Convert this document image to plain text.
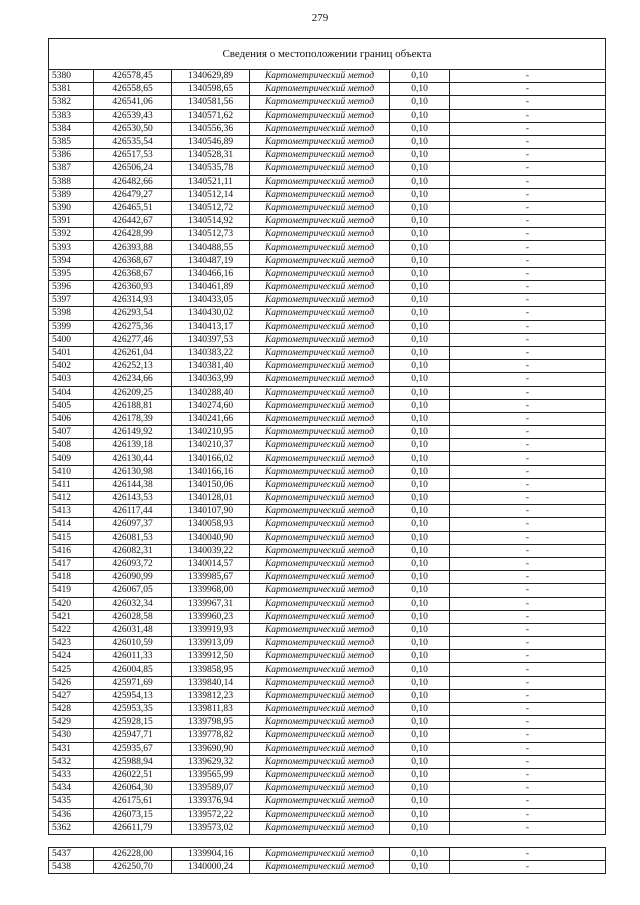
279
Сведения о местоположении границ объекта					
5380	426578,45	1340629,89	Картометрический метод	0,10	-
5381	426558,65	1340598,65	Картометрический метод	0,10	-
5382	426541,06	1340581,56	Картометрический метод	0,10	-
5383	426539,43	1340571,62	Картометрический метод	0,10	-
5384	426530,50	1340556,36	Картометрический метод	0,10	-
5385	426535,54	1340546,89	Картометрический метод	0,10	-
5386	426517,53	1340528,31	Картометрический метод	0,10	-
5387	426506,24	1340535,78	Картометрический метод	0,10	-
5388	426482,66	1340521,11	Картометрический метод	0,10	-
5389	426479,27	1340512,14	Картометрический метод	0,10	-
5390	426465,51	1340512,72	Картометрический метод	0,10	-
5391	426442,67	1340514,92	Картометрический метод	0,10	-
5392	426428,99	1340512,73	Картометрический метод	0,10	-
5393	426393,88	1340488,55	Картометрический метод	0,10	-
5394	426368,67	1340487,19	Картометрический метод	0,10	-
5395	426368,67	1340466,16	Картометрический метод	0,10	-
5396	426360,93	1340461,89	Картометрический метод	0,10	-
5397	426314,93	1340433,05	Картометрический метод	0,10	-
5398	426293,54	1340430,02	Картометрический метод	0,10	-
5399	426275,36	1340413,17	Картометрический метод	0,10	-
5400	426277,46	1340397,53	Картометрический метод	0,10	-
5401	426261,04	1340383,22	Картометрический метод	0,10	-
5402	426252,13	1340381,40	Картометрический метод	0,10	-
5403	426234,66	1340363,99	Картометрический метод	0,10	-
5404	426209,25	1340288,40	Картометрический метод	0,10	-
5405	426188,81	1340274,60	Картометрический метод	0,10	-
5406	426178,39	1340241,66	Картометрический метод	0,10	-
5407	426149,92	1340210,95	Картометрический метод	0,10	-
5408	426139,18	1340210,37	Картометрический метод	0,10	-
5409	426130,44	1340166,02	Картометрический метод	0,10	-
5410	426130,98	1340166,16	Картометрический метод	0,10	-
5411	426144,38	1340150,06	Картометрический метод	0,10	-
5412	426143,53	1340128,01	Картометрический метод	0,10	-
5413	426117,44	1340107,90	Картометрический метод	0,10	-
5414	426097,37	1340058,93	Картометрический метод	0,10	-
5415	426081,53	1340040,90	Картометрический метод	0,10	-
5416	426082,31	1340039,22	Картометрический метод	0,10	-
5417	426093,72	1340014,57	Картометрический метод	0,10	-
5418	426090,99	1339985,67	Картометрический метод	0,10	-
5419	426067,05	1339968,00	Картометрический метод	0,10	-
5420	426032,34	1339967,31	Картометрический метод	0,10	-
5421	426028,58	1339960,23	Картометрический метод	0,10	-
5422	426031,48	1339919,93	Картометрический метод	0,10	-
5423	426010,59	1339913,09	Картометрический метод	0,10	-
5424	426011,33	1339912,50	Картометрический метод	0,10	-
5425	426004,85	1339858,95	Картометрический метод	0,10	-
5426	425971,69	1339840,14	Картометрический метод	0,10	-
5427	425954,13	1339812,23	Картометрический метод	0,10	-
5428	425953,35	1339811,83	Картометрический метод	0,10	-
5429	425928,15	1339798,95	Картометрический метод	0,10	-
5430	425947,71	1339778,82	Картометрический метод	0,10	-
5431	425935,67	1339690,90	Картометрический метод	0,10	-
5432	425988,94	1339629,32	Картометрический метод	0,10	-
5433	426022,51	1339565,99	Картометрический метод	0,10	-
5434	426064,30	1339589,07	Картометрический метод	0,10	-
5435	426175,61	1339376,94	Картометрический метод	0,10	-
5436	426073,15	1339572,22	Картометрический метод	0,10	-
5362	426611,79	1339573,02	Картометрический метод	0,10	-

5437	426228,00	1339904,16	Картометрический метод	0,10	-
5438	426250,70	1340000,24	Картометрический метод	0,10	-
